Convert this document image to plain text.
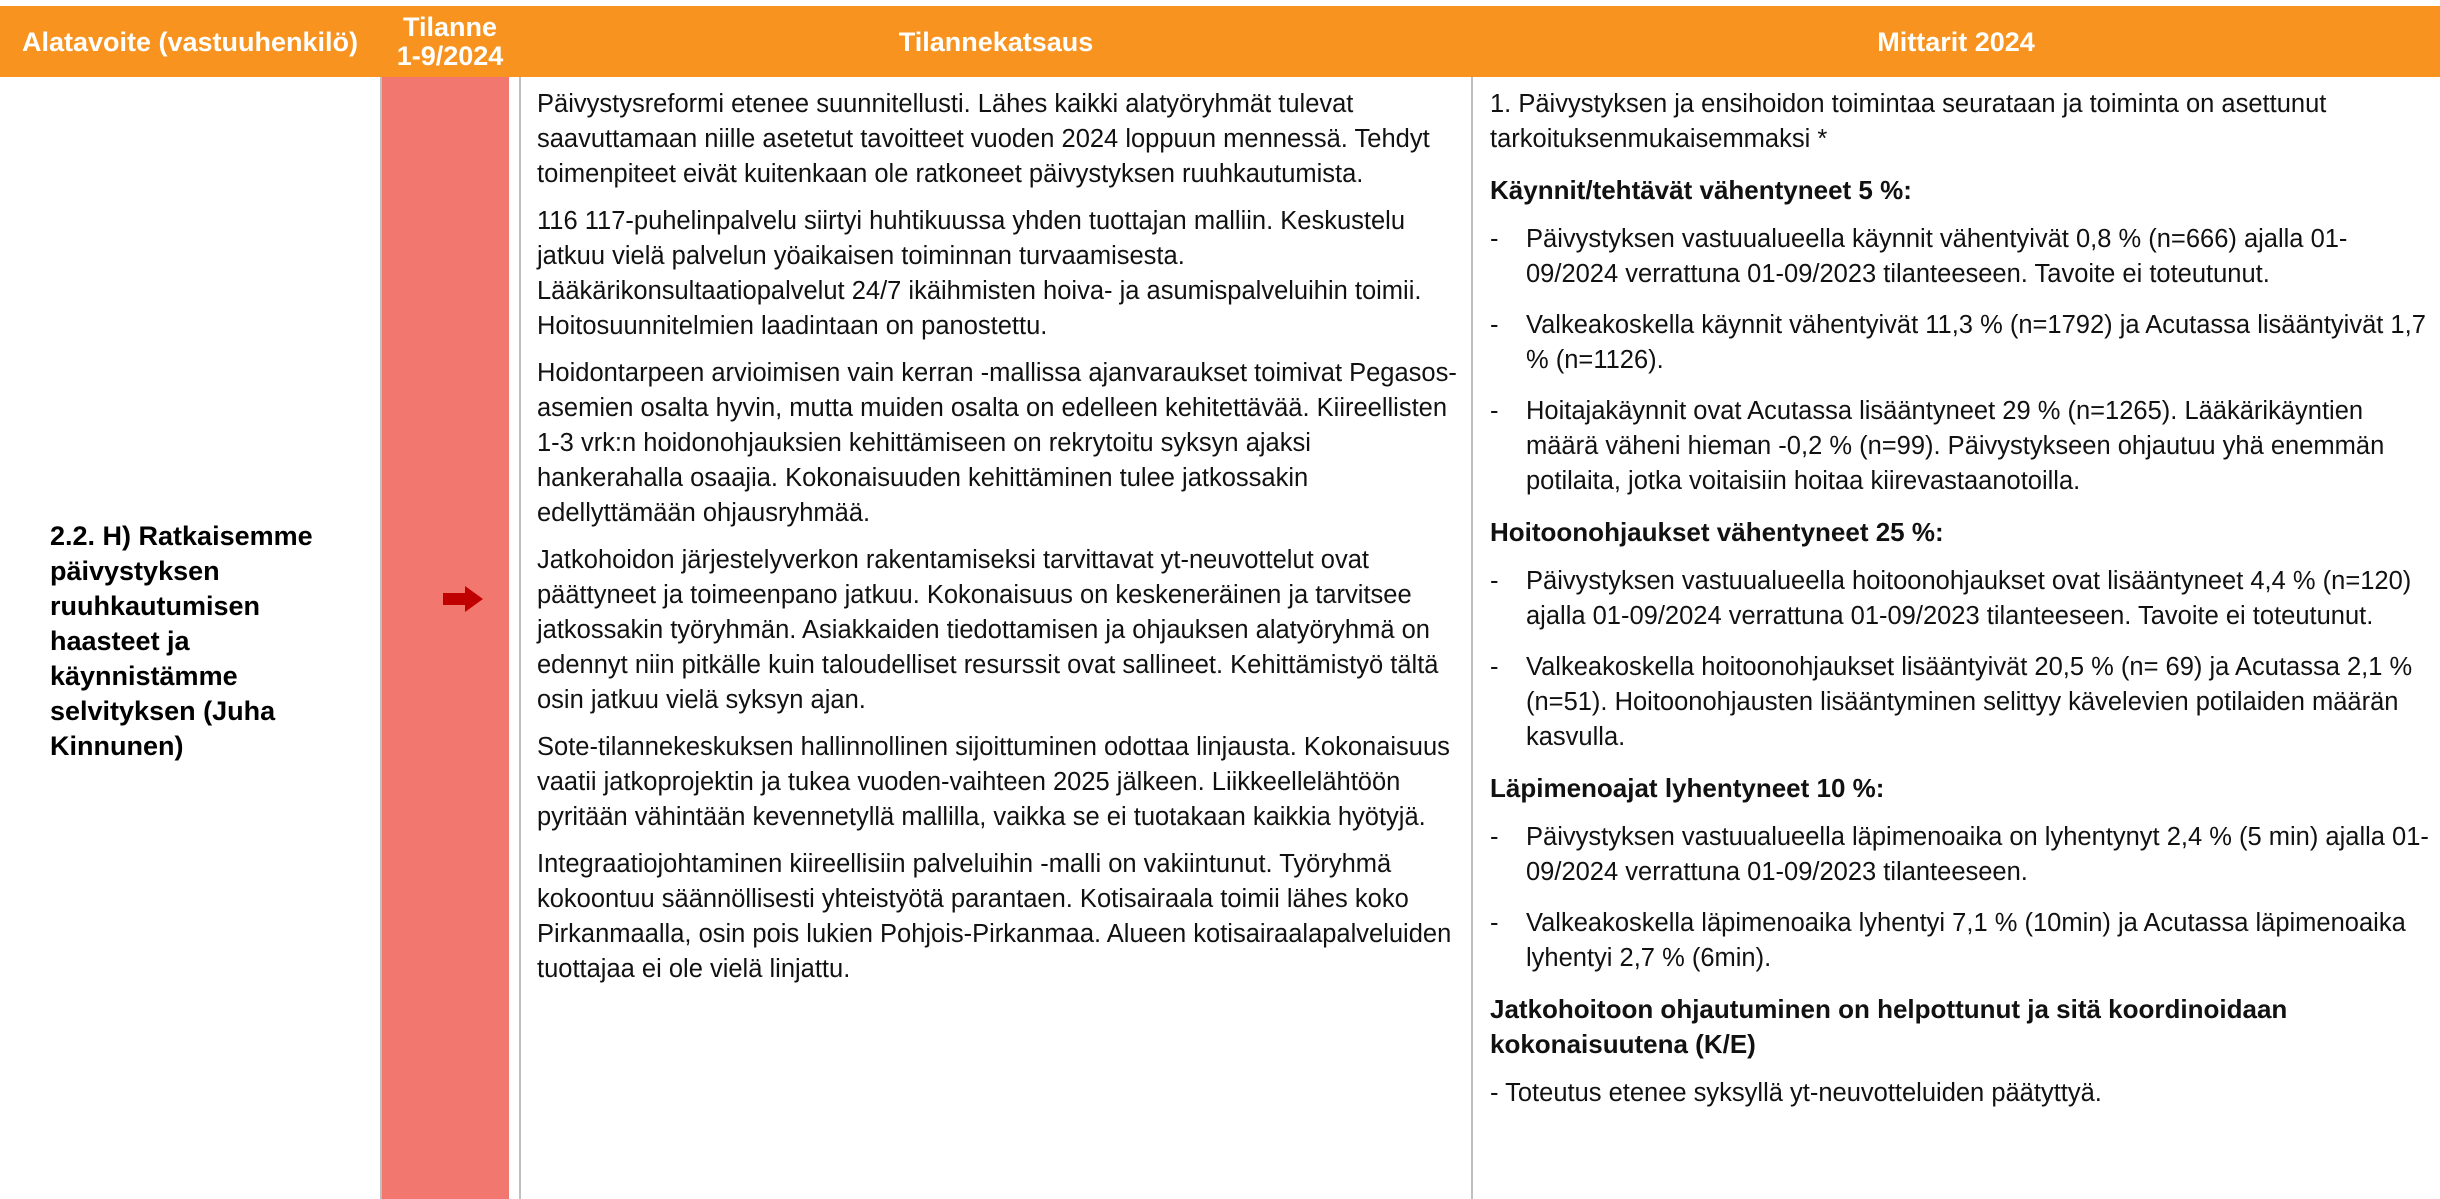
Alatavoite (vastuuhenkilö) Tilanne
1-9/2024	Tilannekatsaus	Mittarit 2024
2.2. H) Ratkaisemme päivystyksen ruuhkautumisen haasteet ja käynnistämme selvityksen (Juha Kinnunen)

Päivystysreformi etenee suunnitellusti. Lähes kaikki alatyöryhmät tulevat saavuttamaan niille asetetut tavoitteet vuoden 2024 loppuun mennessä. Tehdyt toimenpiteet eivät kuitenkaan ole ratkoneet päivystyksen ruuhkautumista.

116 117-puhelinpalvelu siirtyi huhtikuussa yhden tuottajan malliin. Keskustelu jatkuu vielä palvelun yöaikaisen toiminnan turvaamisesta. Lääkärikonsultaatiopalvelut 24/7 ikäihmisten hoiva- ja asumispalveluihin toimii. Hoitosuunnitelmien laadintaan on panostettu.

Hoidontarpeen arvioimisen vain kerran -mallissa ajanvaraukset toimivat Pegasos-asemien osalta hyvin, mutta muiden osalta on edelleen kehitettävää. Kiireellisten 1-3 vrk:n hoidonohjauksien kehittämiseen on rekrytoitu syksyn ajaksi hankerahalla osaajia. Kokonaisuuden kehittäminen tulee jatkossakin edellyttämään ohjausryhmää.

Jatkohoidon järjestelyverkon rakentamiseksi tarvittavat yt-neuvottelut ovat päättyneet ja toimeenpano jatkuu. Kokonaisuus on keskeneräinen ja tarvitsee jatkossakin työryhmän. Asiakkaiden tiedottamisen ja ohjauksen alatyöryhmä on edennyt niin pitkälle kuin taloudelliset resurssit ovat sallineet. Kehittämistyö tältä osin jatkuu vielä syksyn ajan.

Sote-tilannekeskuksen hallinnollinen sijoittuminen odottaa linjausta. Kokonaisuus vaatii jatkoprojektin ja tukea vuoden-vaihteen 2025 jälkeen. Liikkeellelähtöön pyritään vähintään kevennetyllä mallilla, vaikka se ei tuotakaan kaikkia hyötyjä.

Integraatiojohtaminen kiireellisiin palveluihin -malli on vakiintunut. Työryhmä kokoontuu säännöllisesti yhteistyötä parantaen. Kotisairaala toimii lähes koko Pirkanmaalla, osin pois lukien Pohjois-Pirkanmaa. Alueen kotisairaalapalveluiden tuottajaa ei ole vielä linjattu.

1. Päivystyksen ja ensihoidon toimintaa seurataan ja toiminta on asettunut tarkoituksenmukaisemmaksi *
Käynnit/tehtävät vähentyneet 5 %:
- Päivystyksen vastuualueella käynnit vähentyivät 0,8 % (n=666) ajalla 01-09/2024 verrattuna 01-09/2023 tilanteeseen. Tavoite ei toteutunut.
- Valkeakoskella käynnit vähentyivät 11,3 % (n=1792) ja Acutassa lisääntyivät 1,7 % (n=1126).
- Hoitajakäynnit ovat Acutassa lisääntyneet 29 % (n=1265). Lääkärikäyntien määrä väheni hieman -0,2 % (n=99). Päivystykseen ohjautuu yhä enemmän potilaita, jotka voitaisiin hoitaa kiirevastaanotoilla.
Hoitoonohjaukset vähentyneet 25 %:
- Päivystyksen vastuualueella hoitoonohjaukset ovat lisääntyneet 4,4 % (n=120) ajalla 01-09/2024 verrattuna 01-09/2023 tilanteeseen. Tavoite ei toteutunut.
- Valkeakoskella hoitoonohjaukset lisääntyivät 20,5 % (n= 69) ja Acutassa 2,1 % (n=51). Hoitoonohjausten lisääntyminen selittyy kävelevien potilaiden määrän kasvulla.
Läpimenoajat lyhentyneet 10 %:
- Päivystyksen vastuualueella läpimenoaika on lyhentynyt 2,4 % (5 min) ajalla 01-09/2024 verrattuna 01-09/2023 tilanteeseen.
- Valkeakoskella läpimenoaika lyhentyi 7,1 % (10min) ja Acutassa läpimenoaika lyhentyi 2,7 % (6min).
Jatkohoitoon ohjautuminen on helpottunut ja sitä koordinoidaan kokonaisuutena (K/E)
- Toteutus etenee syksyllä yt-neuvotteluiden päätyttyä.
